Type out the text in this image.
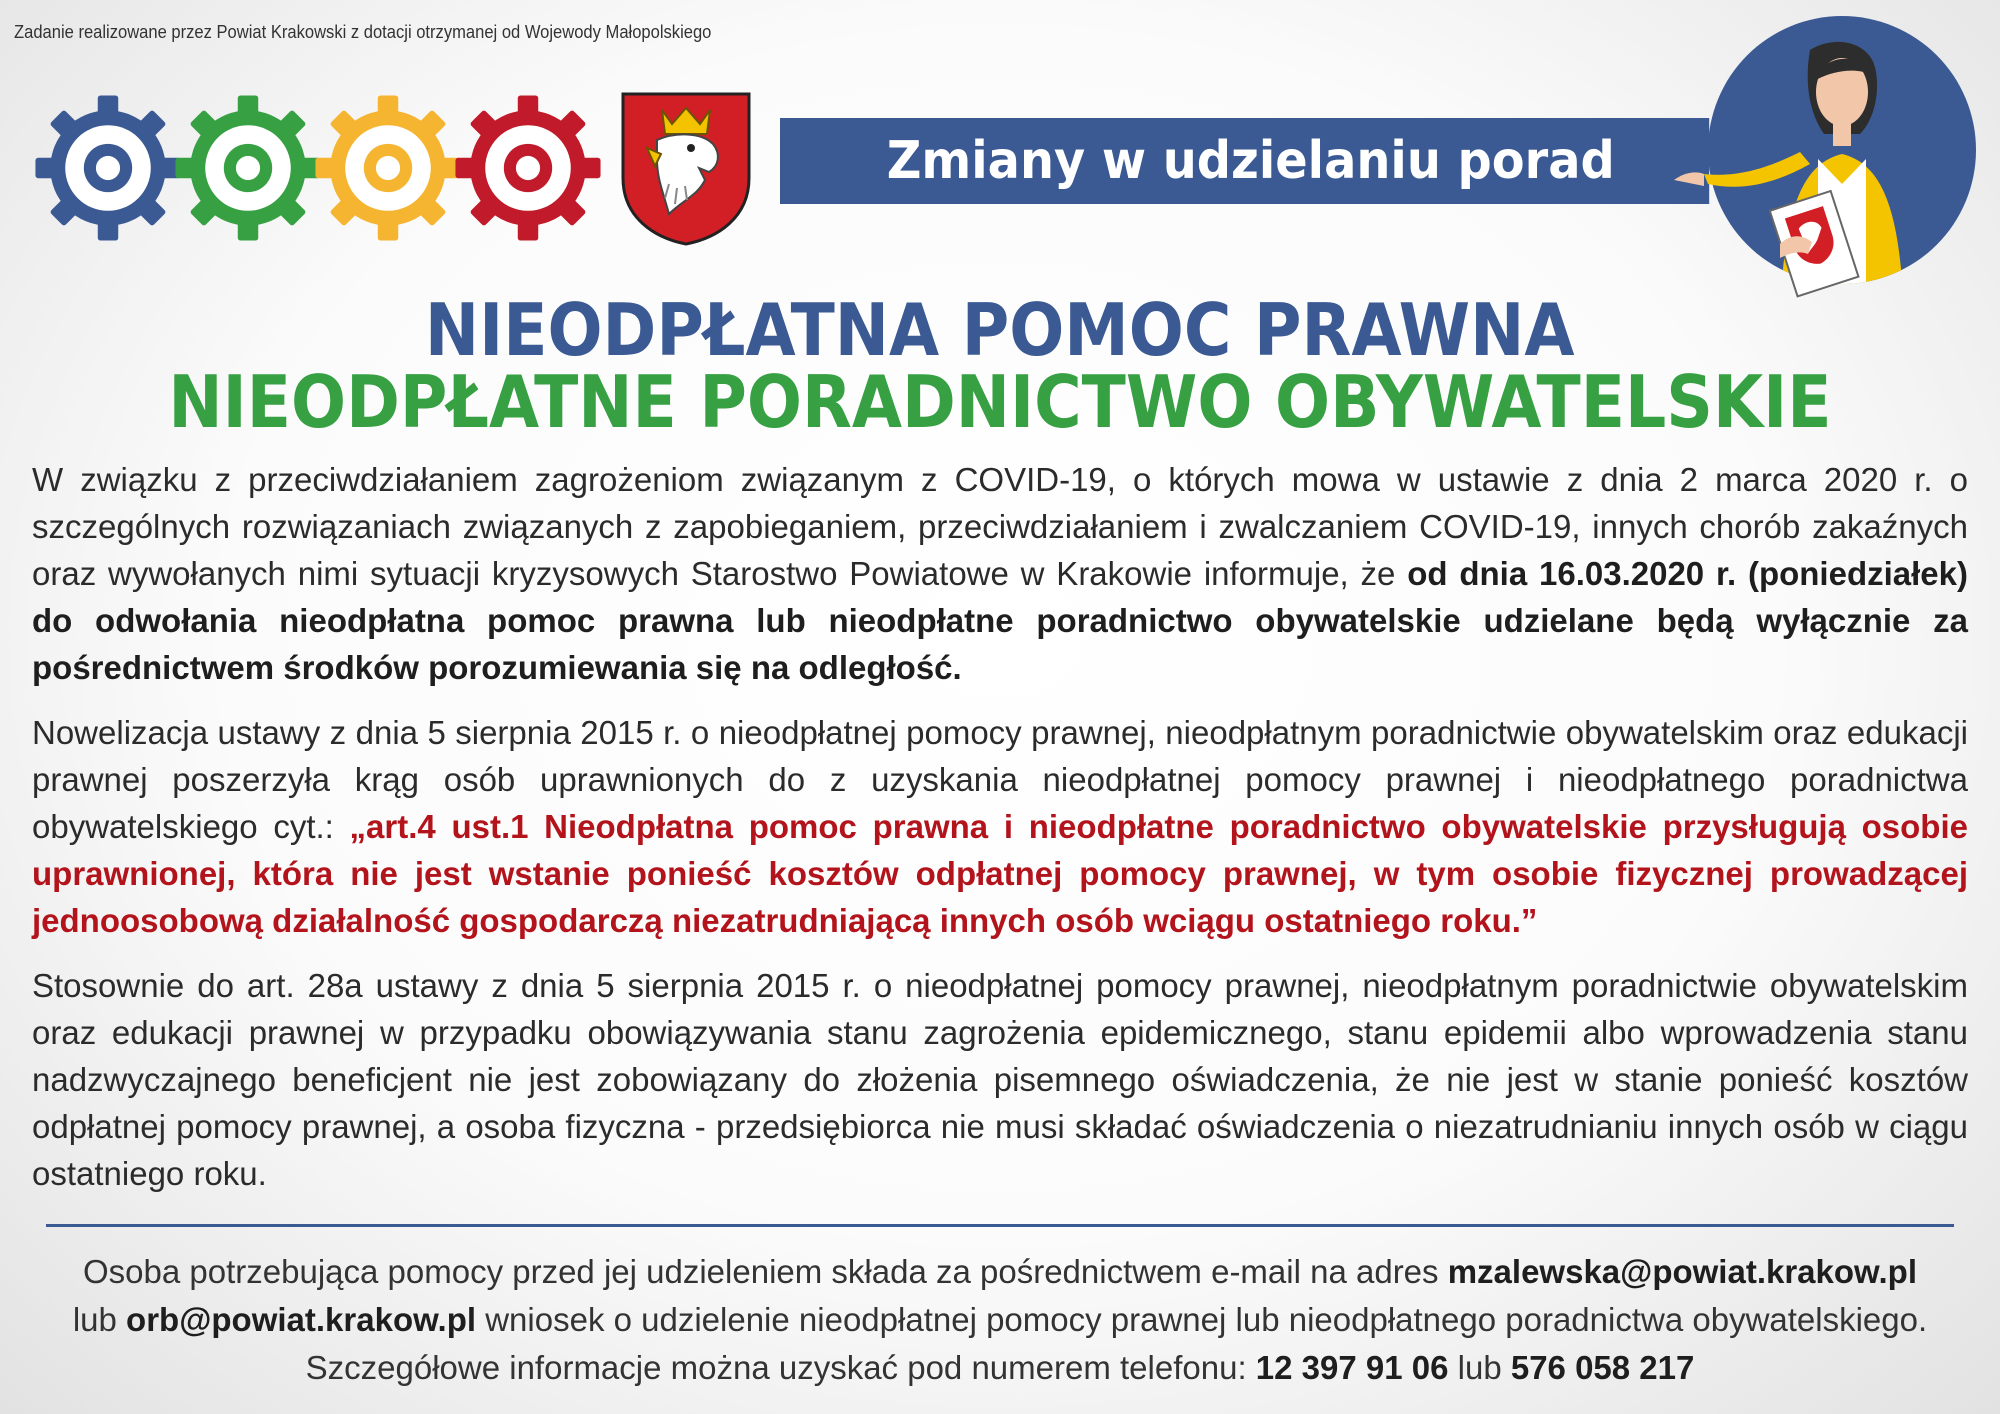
Zadanie realizowane przez Powiat Krakowski z dotacji otrzymanej od Wojewody Małopolskiego
Zmiany w udzielaniu porad
NIEODPŁATNA POMOC PRAWNA
NIEODPŁATNE PORADNICTWO OBYWATELSKIE

W związku z przeciwdziałaniem zagrożeniom związanym z COVID-19, o których mowa w ustawie z dnia 2 marca 2020 r. o szczególnych rozwiązaniach związanych z zapobieganiem, przeciwdziałaniem i zwalczaniem COVID-19, innych chorób zakaźnych oraz wywołanych nimi sytuacji kryzysowych Starostwo Powiatowe w Krakowie informuje, że od dnia 16.03.2020 r. (poniedziałek) do odwołania nieodpłatna pomoc prawna lub nieodpłatne poradnictwo obywatelskie udzielane będą wyłącznie za pośrednictwem środków porozumiewania się na odległość.

Nowelizacja ustawy z dnia 5 sierpnia 2015 r. o nieodpłatnej pomocy prawnej, nieodpłatnym poradnictwie obywatelskim oraz edukacji prawnej poszerzyła krąg osób uprawnionych do z uzyskania nieodpłatnej pomocy prawnej i nieodpłatnego poradnictwa obywatelskiego cyt.: „art.4 ust.1 Nieodpłatna pomoc prawna i nieodpłatne poradnictwo obywatelskie przysługują osobie uprawnionej, która nie jest wstanie ponieść kosztów odpłatnej pomocy prawnej, w tym osobie fizycznej prowadzącej jednoosobową działalność gospodarczą niezatrudniającą innych osób wciągu ostatniego roku.”

Stosownie do art. 28a ustawy z dnia 5 sierpnia 2015 r. o nieodpłatnej pomocy prawnej, nieodpłatnym poradnictwie obywatelskim oraz edukacji prawnej w przypadku obowiązywania stanu zagrożenia epidemicznego, stanu epidemii albo wprowadzenia stanu nadzwyczajnego beneficjent nie jest zobowiązany do złożenia pisemnego oświadczenia, że nie jest w stanie ponieść kosztów odpłatnej pomocy prawnej, a osoba fizyczna - przedsiębiorca nie musi składać oświadczenia o niezatrudnianiu innych osób w ciągu ostatniego roku.

Osoba potrzebująca pomocy przed jej udzieleniem składa za pośrednictwem e-mail na adres mzalewska@powiat.krakow.pl
lub orb@powiat.krakow.pl wniosek o udzielenie nieodpłatnej pomocy prawnej lub nieodpłatnego poradnictwa obywatelskiego.
Szczegółowe informacje można uzyskać pod numerem telefonu: 12 397 91 06 lub 576 058 217
